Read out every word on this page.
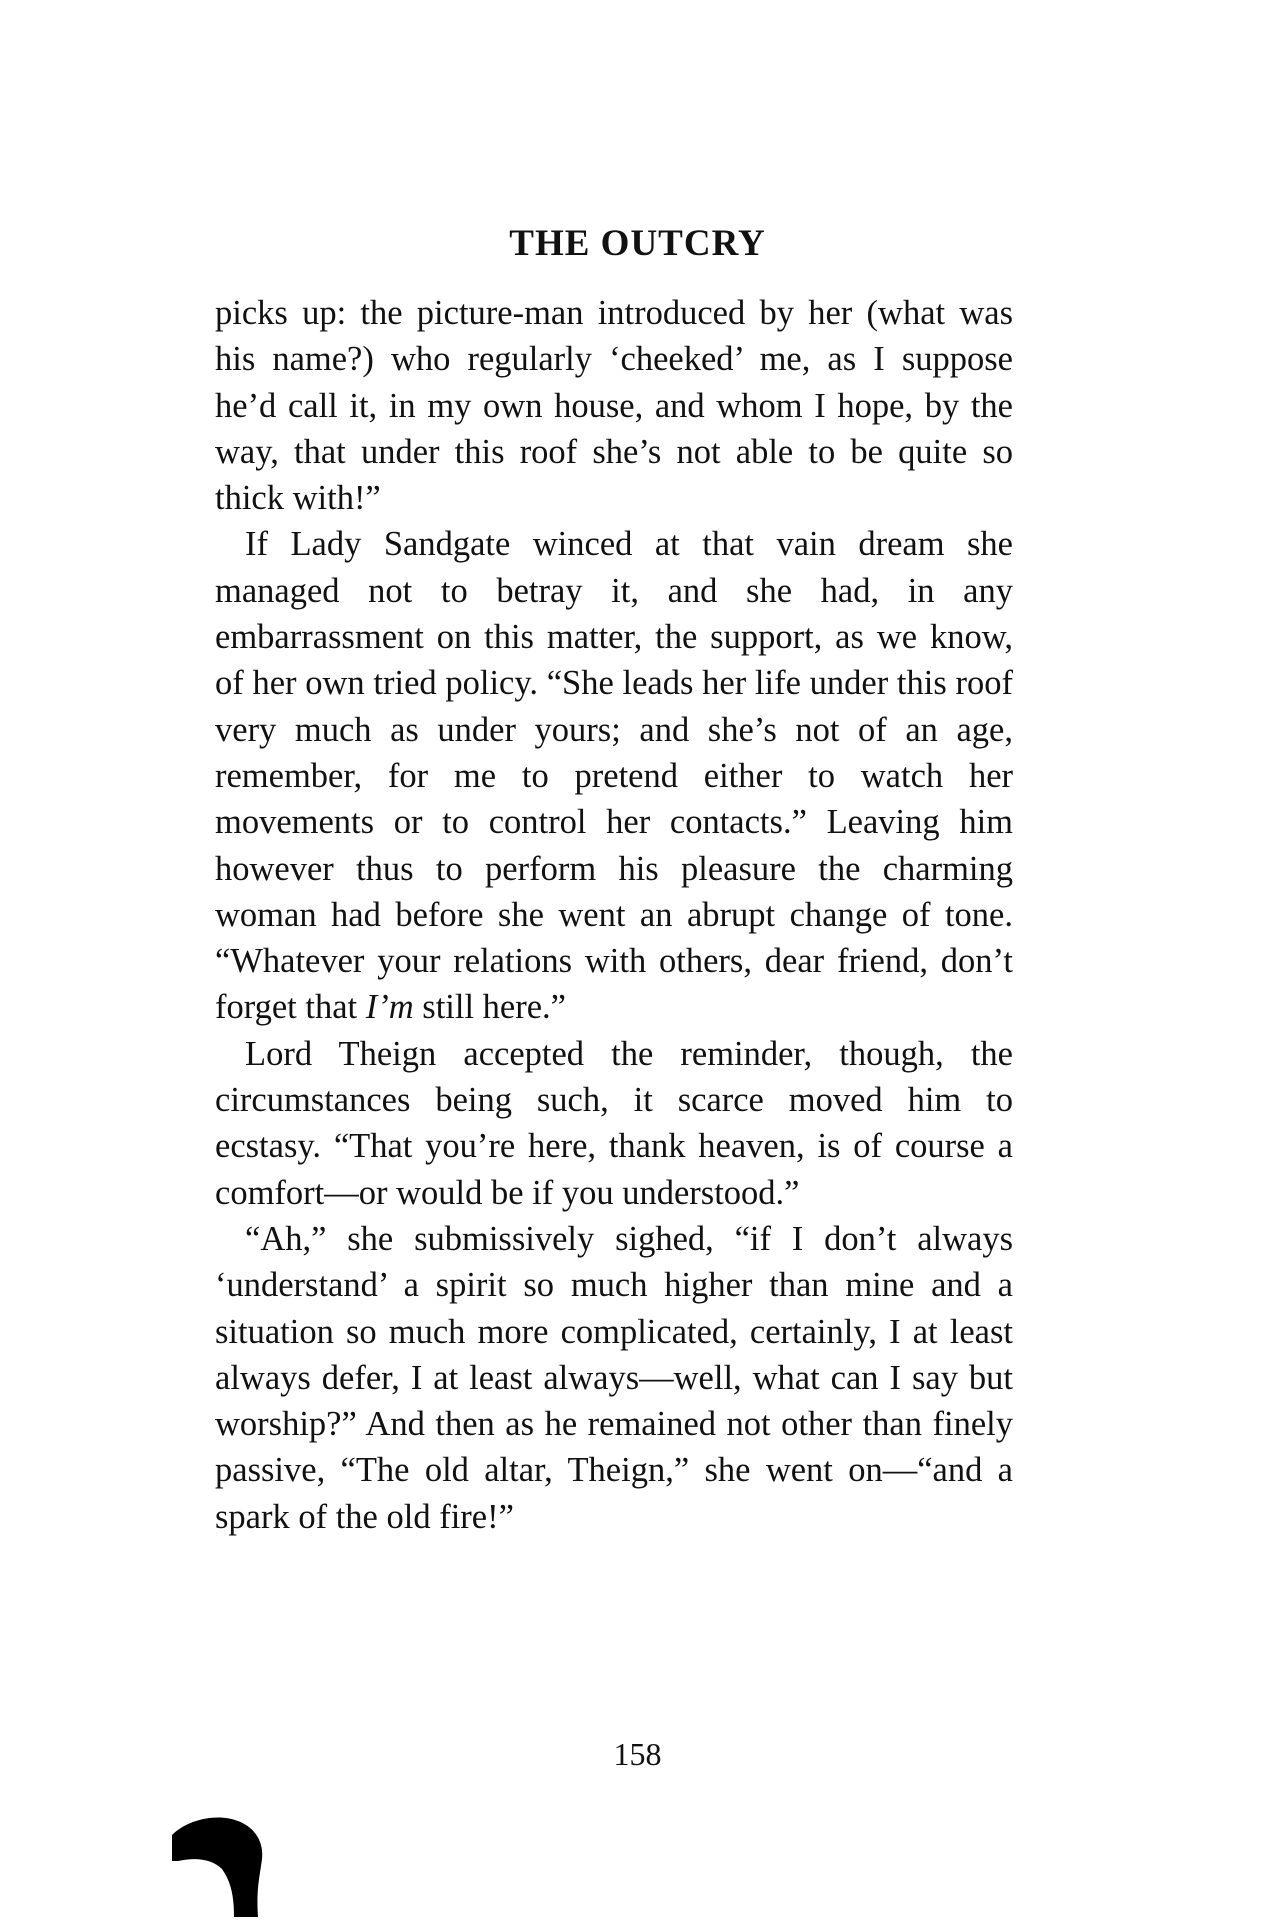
THE OUTCRY

picks up: the picture-man introduced by her (what was his name?) who regularly ‘cheeked’ me, as I suppose he’d call it, in my own house, and whom I hope, by the way, that under this roof she’s not able to be quite so thick with!”

If Lady Sandgate winced at that vain dream she managed not to betray it, and she had, in any embarrassment on this matter, the support, as we know, of her own tried policy. “She leads her life under this roof very much as under yours; and she’s not of an age, remember, for me to pretend either to watch her movements or to control her contacts.” Leaving him however thus to perform his pleasure the charming woman had before she went an abrupt change of tone. “Whatever your relations with others, dear friend, don’t forget that I’m still here.”

Lord Theign accepted the reminder, though, the circumstances being such, it scarce moved him to ecstasy. “That you’re here, thank heaven, is of course a comfort—or would be if you understood.”

“Ah,” she submissively sighed, “if I don’t always ‘understand’ a spirit so much higher than mine and a situation so much more complicated, certainly, I at least always defer, I at least always—well, what can I say but worship?” And then as he remained not other than finely passive, “The old altar, Theign,” she went on—“and a spark of the old fire!”

158
